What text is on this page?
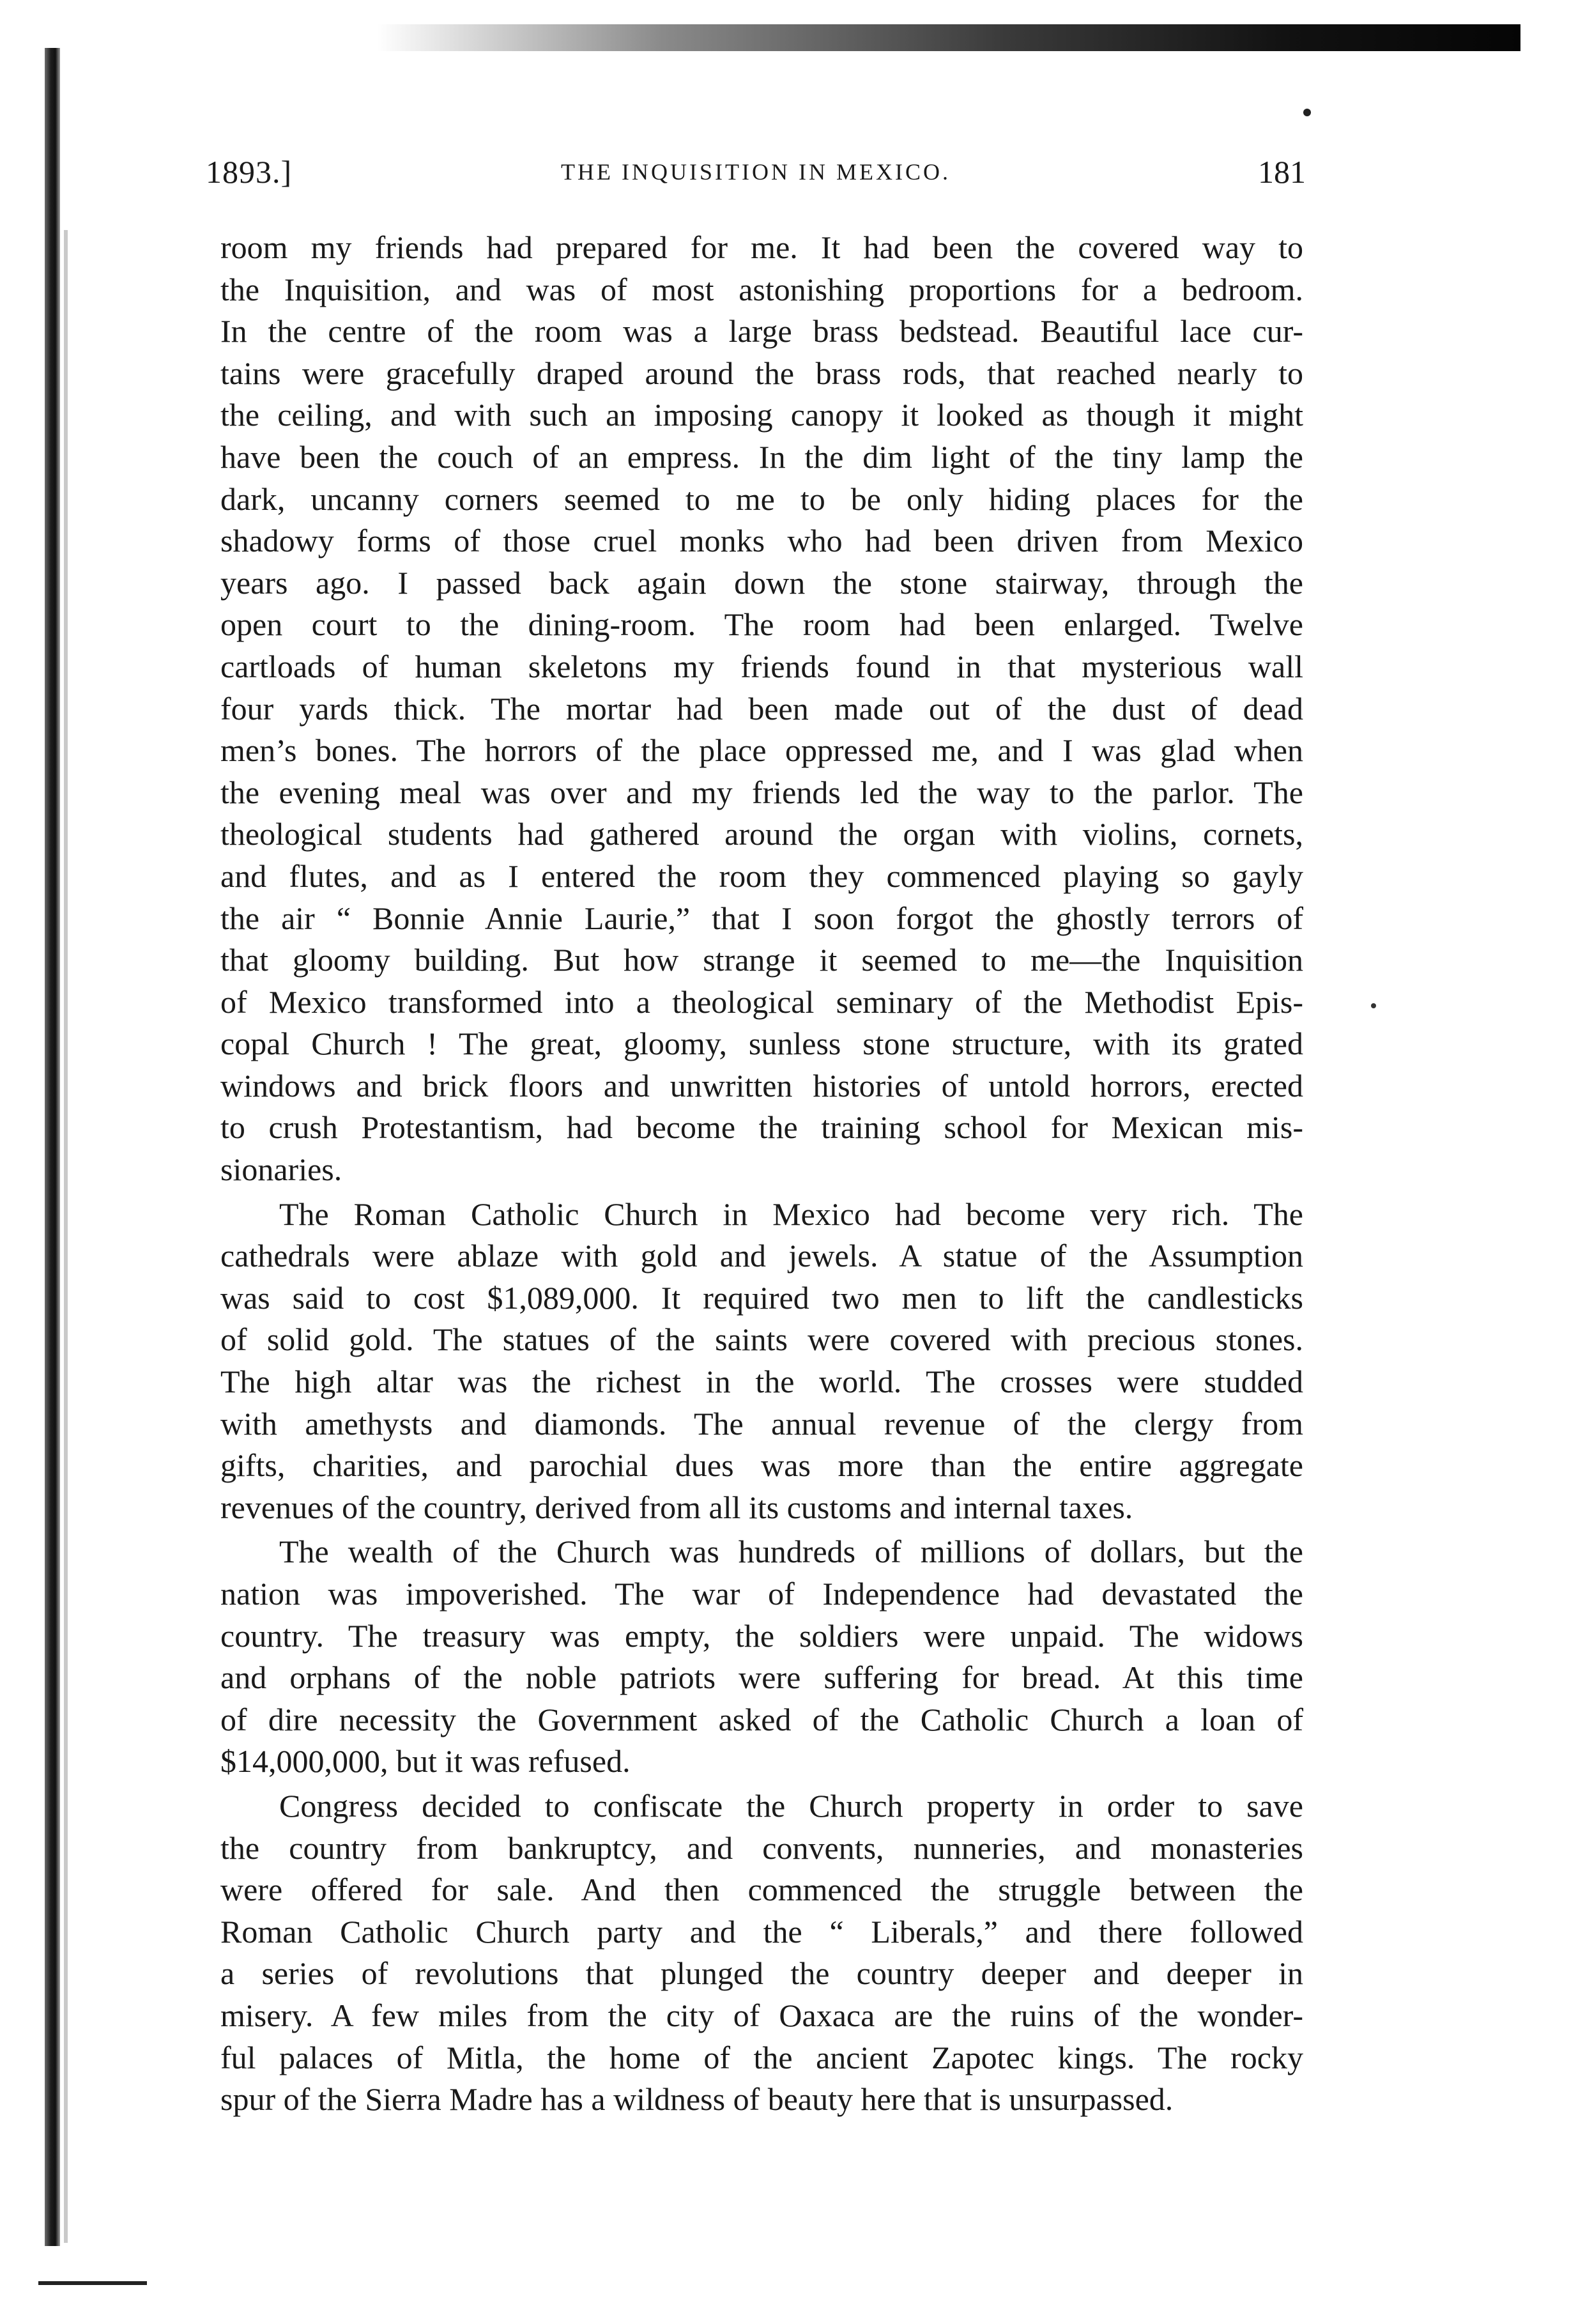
1893.]	THE INQUISITION IN MEXICO.	181
room my friends had prepared for me. It had been the covered way to
the Inquisition, and was of most astonishing proportions for a bedroom.
In the centre of the room was a large brass bedstead. Beautiful lace cur-
tains were gracefully draped around the brass rods, that reached nearly to
the ceiling, and with such an imposing canopy it looked as though it might
have been the couch of an empress. In the dim light of the tiny lamp the
dark, uncanny corners seemed to me to be only hiding places for the
shadowy forms of those cruel monks who had been driven from Mexico
years ago. I passed back again down the stone stairway, through the
open court to the dining-room. The room had been enlarged. Twelve
cartloads of human skeletons my friends found in that mysterious wall
four yards thick. The mortar had been made out of the dust of dead
men’s bones. The horrors of the place oppressed me, and I was glad when
the evening meal was over and my friends led the way to the parlor. The
theological students had gathered around the organ with violins, cornets,
and flutes, and as I entered the room they commenced playing so gayly
the air “ Bonnie Annie Laurie,” that I soon forgot the ghostly terrors of
that gloomy building. But how strange it seemed to me—the Inquisition
of Mexico transformed into a theological seminary of the Methodist Epis-
copal Church ! The great, gloomy, sunless stone structure, with its grated
windows and brick floors and unwritten histories of untold horrors, erected
to crush Protestantism, had become the training school for Mexican mis-
sionaries.
The Roman Catholic Church in Mexico had become very rich. The
cathedrals were ablaze with gold and jewels. A statue of the Assumption
was said to cost $1,089,000. It required two men to lift the candlesticks
of solid gold. The statues of the saints were covered with precious stones.
The high altar was the richest in the world. The crosses were studded
with amethysts and diamonds. The annual revenue of the clergy from
gifts, charities, and parochial dues was more than the entire aggregate
revenues of the country, derived from all its customs and internal taxes.
The wealth of the Church was hundreds of millions of dollars, but the
nation was impoverished. The war of Independence had devastated the
country. The treasury was empty, the soldiers were unpaid. The widows
and orphans of the noble patriots were suffering for bread. At this time
of dire necessity the Government asked of the Catholic Church a loan of
$14,000,000, but it was refused.
Congress decided to confiscate the Church property in order to save
the country from bankruptcy, and convents, nunneries, and monasteries
were offered for sale. And then commenced the struggle between the
Roman Catholic Church party and the “ Liberals,” and there followed
a series of revolutions that plunged the country deeper and deeper in
misery. A few miles from the city of Oaxaca are the ruins of the wonder-
ful palaces of Mitla, the home of the ancient Zapotec kings. The rocky
spur of the Sierra Madre has a wildness of beauty here that is unsurpassed.
